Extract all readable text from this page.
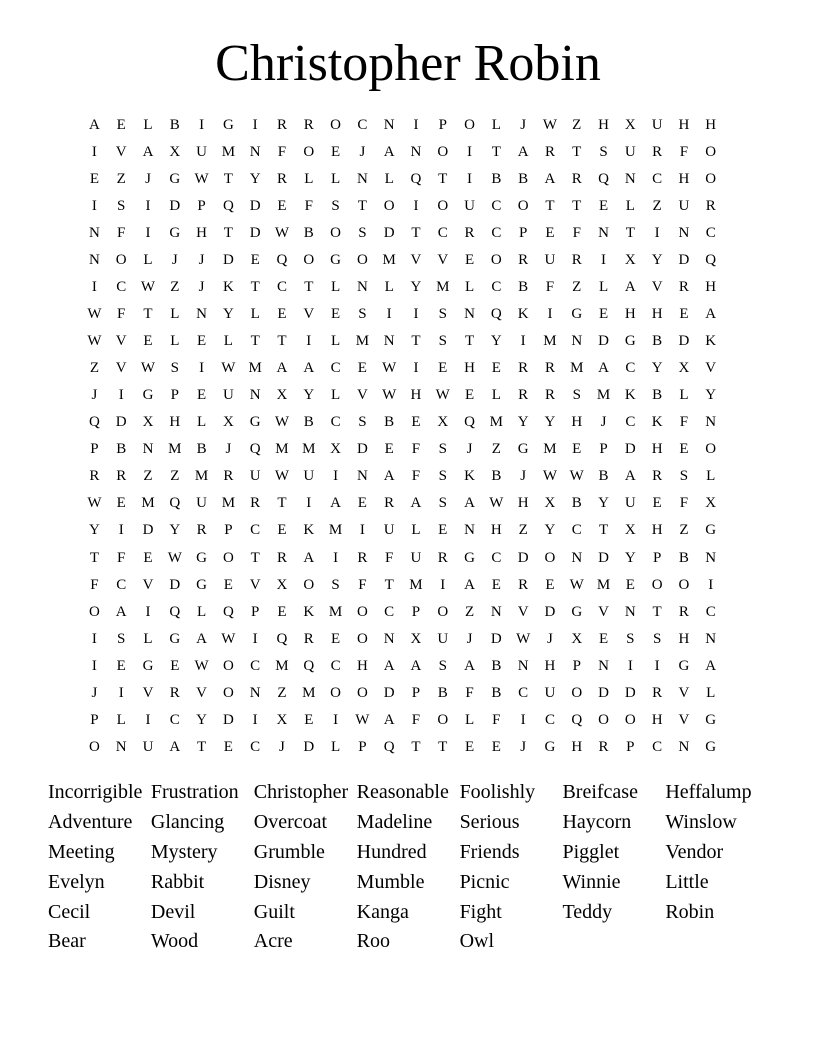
Christopher Robin
A	E	L	B	I	G	I	R	R	O	C	N	I	P	O	L	J	W	Z	H	X	U	H	H
I	V	A	X	U	M	N	F	O	E	J	A	N	O	I	T	A	R	T	S	U	R	F	O
E	Z	J	G	W	T	Y	R	L	L	N	L	Q	T	I	B	B	A	R	Q	N	C	H	O
I	S	I	D	P	Q	D	E	F	S	T	O	I	O	U	C	O	T	T	E	L	Z	U	R
N	F	I	G	H	T	D	W	B	O	S	D	T	C	R	C	P	E	F	N	T	I	N	C
N	O	L	J	J	D	E	Q	O	G	O	M	V	V	E	O	R	U	R	I	X	Y	D	Q
I	C	W	Z	J	K	T	C	T	L	N	L	Y	M	L	C	B	F	Z	L	A	V	R	H
W	F	T	L	N	Y	L	E	V	E	S	I	I	S	N	Q	K	I	G	E	H	H	E	A
W	V	E	L	E	L	T	T	I	L	M	N	T	S	T	Y	I	M	N	D	G	B	D	K
Z	V	W	S	I	W	M	A	A	C	E	W	I	E	H	E	R	R	M	A	C	Y	X	V
J	I	G	P	E	U	N	X	Y	L	V	W	H	W	E	L	R	R	S	M	K	B	L	Y
Q	D	X	H	L	X	G	W	B	C	S	B	E	X	Q	M	Y	Y	H	J	C	K	F	N
P	B	N	M	B	J	Q	M	M	X	D	E	F	S	J	Z	G	M	E	P	D	H	E	O
R	R	Z	Z	M	R	U	W	U	I	N	A	F	S	K	B	J	W	W	B	A	R	S	L
W	E	M	Q	U	M	R	T	I	A	E	R	A	S	A	W	H	X	B	Y	U	E	F	X
Y	I	D	Y	R	P	C	E	K	M	I	U	L	E	N	H	Z	Y	C	T	X	H	Z	G
T	F	E	W	G	O	T	R	A	I	R	F	U	R	G	C	D	O	N	D	Y	P	B	N
F	C	V	D	G	E	V	X	O	S	F	T	M	I	A	E	R	E	W	M	E	O	O	I
O	A	I	Q	L	Q	P	E	K	M	O	C	P	O	Z	N	V	D	G	V	N	T	R	C
I	S	L	G	A	W	I	Q	R	E	O	N	X	U	J	D	W	J	X	E	S	S	H	N
I	E	G	E	W	O	C	M	Q	C	H	A	A	S	A	B	N	H	P	N	I	I	G	A
J	I	V	R	V	O	N	Z	M	O	O	D	P	B	F	B	C	U	O	D	D	R	V	L
P	L	I	C	Y	D	I	X	E	I	W	A	F	O	L	F	I	C	Q	O	O	H	V	G
O	N	U	A	T	E	C	J	D	L	P	Q	T	T	E	E	J	G	H	R	P	C	N	G
Incorrigible	Frustration	Christopher	Reasonable	Foolishly	Breifcase	Heffalump
Adventure	Glancing	Overcoat	Madeline	Serious	Haycorn	Winslow
Meeting	Mystery	Grumble	Hundred	Friends	Pigglet	Vendor
Evelyn	Rabbit	Disney	Mumble	Picnic	Winnie	Little
Cecil	Devil	Guilt	Kanga	Fight	Teddy	Robin
Bear	Wood	Acre	Roo	Owl		
